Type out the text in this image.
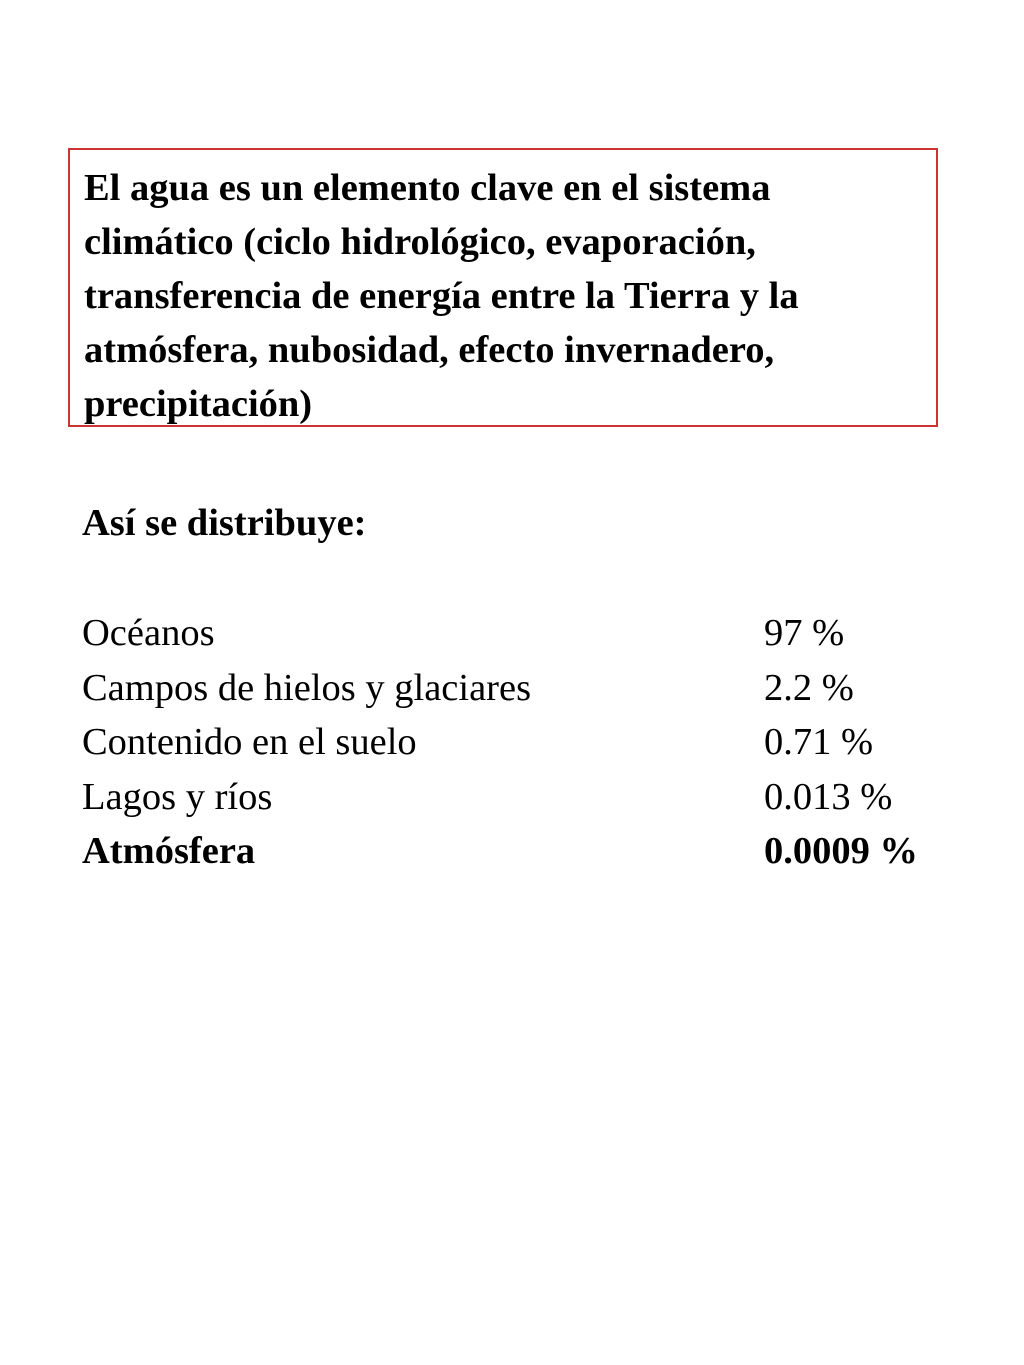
El agua es un elemento clave en el sistema
climático (ciclo hidrológico, evaporación,
transferencia de energía entre la Tierra y la
atmósfera, nubosidad, efecto invernadero,
precipitación)

Así se distribuye:
Océanos	97 %
Campos de hielos y glaciares	2.2 %
Contenido en el suelo	0.71 %
Lagos y ríos	0.013 %
Atmósfera	0.0009 %
